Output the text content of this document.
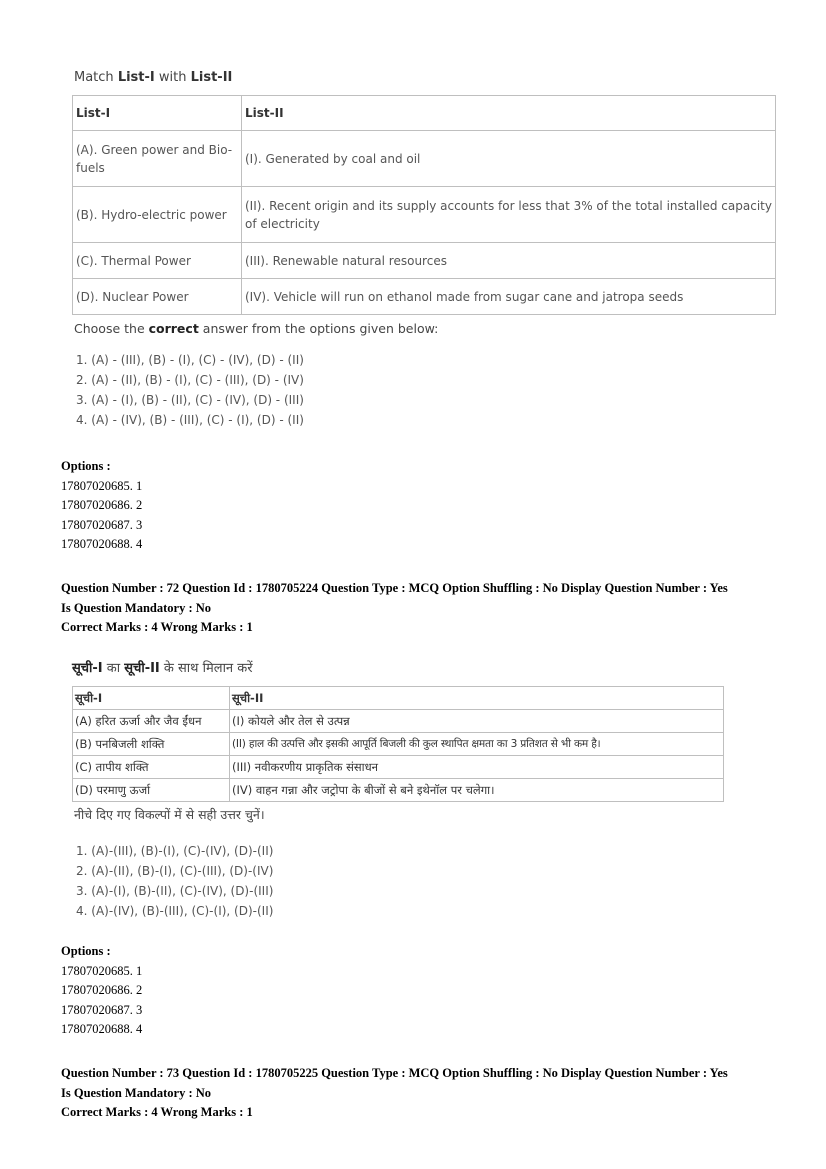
Match List-I with List-II
List-I	List-II
(A). Green power and Bio-fuels	(I). Generated by coal and oil
(B). Hydro-electric power	(II). Recent origin and its supply accounts for less that 3% of the total installed capacity of electricity
(C). Thermal Power	(III). Renewable natural resources
(D). Nuclear Power	(IV). Vehicle will run on ethanol made from sugar cane and jatropa seeds
Choose the correct answer from the options given below:
1. (A) - (III), (B) - (I), (C) - (IV), (D) - (II)
2. (A) - (II), (B) - (I), (C) - (III), (D) - (IV)
3. (A) - (I), (B) - (II), (C) - (IV), (D) - (III)
4. (A) - (IV), (B) - (III), (C) - (I), (D) - (II)
Options :
17807020685. 1
17807020686. 2
17807020687. 3
17807020688. 4
Question Number : 72 Question Id : 1780705224 Question Type : MCQ Option Shuffling : No Display Question Number : Yes
Is Question Mandatory : No
Correct Marks : 4 Wrong Marks : 1
सूची-I का सूची-II के साथ मिलान करें
सूची-I	सूची-II
(A) हरित ऊर्जा और जैव ईंधन	(I) कोयले और तेल से उत्पन्न
(B) पनबिजली शक्ति	(II) हाल की उत्पत्ति और इसकी आपूर्ति बिजली की कुल स्थापित क्षमता का 3 प्रतिशत से भी कम है।
(C) तापीय शक्ति	(III) नवीकरणीय प्राकृतिक संसाधन
(D) परमाणु ऊर्जा	(IV) वाहन गन्ना और जट्रोपा के बीजों से बने इथेनॉल पर चलेगा।
नीचे दिए गए विकल्पों में से सही उत्तर चुनें।
1. (A)-(III), (B)-(I), (C)-(IV), (D)-(II)
2. (A)-(II), (B)-(I), (C)-(III), (D)-(IV)
3. (A)-(I), (B)-(II), (C)-(IV), (D)-(III)
4. (A)-(IV), (B)-(III), (C)-(I), (D)-(II)
Options :
17807020685. 1
17807020686. 2
17807020687. 3
17807020688. 4
Question Number : 73 Question Id : 1780705225 Question Type : MCQ Option Shuffling : No Display Question Number : Yes
Is Question Mandatory : No
Correct Marks : 4 Wrong Marks : 1
